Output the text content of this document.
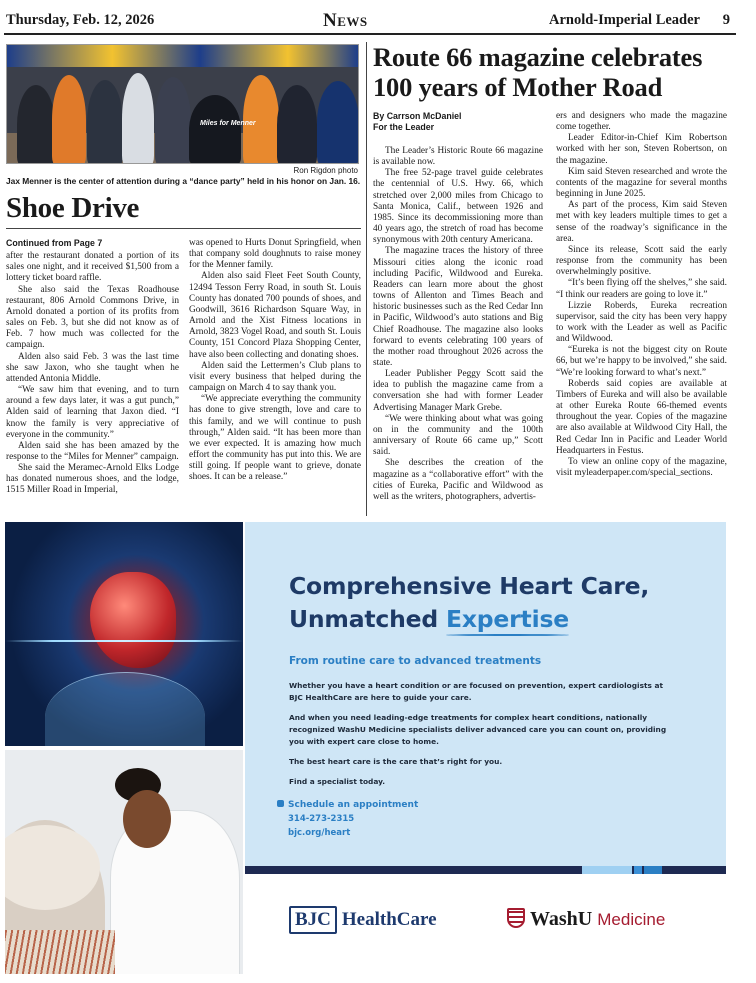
Thursday, Feb. 12, 2026	News	Arnold-Imperial Leader 9
Miles for Menner
Ron Rigdon photo
Jax Menner is the center of attention during a “dance party” held in his honor on Jan. 16.
Shoe Drive
Continued from Page 7

after the restaurant donated a portion of its sales one night, and it received $1,500 from a lottery ticket board raffle.

She also said the Texas Roadhouse restaurant, 806 Arnold Commons Drive, in Arnold donated a portion of its profits from sales on Feb. 3, but she did not know as of Feb. 7 how much was collected for the campaign.

Alden also said Feb. 3 was the last time she saw Jaxon, who she taught when he attended Antonia Middle.

“We saw him that evening, and to turn around a few days later, it was a gut punch,” Alden said of learning that Jaxon died. “I know the family is very appreciative of everyone in the community.”

Alden said she has been amazed by the response to the “Miles for Menner” campaign.

She said the Meramec-Arnold Elks Lodge has donated numerous shoes, and the lodge, 1515 Miller Road in Imperial,

was opened to Hurts Donut Springfield, when that company sold doughnuts to raise money for the Menner family.

Alden also said Fleet Feet South County, 12494 Tesson Ferry Road, in south St. Louis County has donated 700 pounds of shoes, and Goodwill, 3616 Richardson Square Way, in Arnold and the Xist Fitness locations in Arnold, 3823 Vogel Road, and south St. Louis County, 151 Concord Plaza Shopping Center, have also been collecting and donating shoes.

Alden said the Lettermen’s Club plans to visit every business that helped during the campaign on March 4 to say thank you.

“We appreciate everything the community has done to give strength, love and care to this family, and we will continue to push through,” Alden said. “It has been more than we ever expected. It is amazing how much effort the community has put into this. We are still going. If people want to grieve, donate shoes. It can be a release.”

Route 66 magazine celebrates 100 years of Mother Road
By Carrson McDaniel
For the Leader

The Leader’s Historic Route 66 magazine is available now.

The free 52-page travel guide celebrates the centennial of U.S. Hwy. 66, which stretched over 2,000 miles from Chicago to Santa Monica, Calif., between 1926 and 1985. Since its decommissioning more than 40 years ago, the stretch of road has become synonymous with 20th century Americana.

The magazine traces the history of three Missouri cities along the iconic road including Pacific, Wildwood and Eureka. Readers can learn more about the ghost towns of Allenton and Times Beach and historic businesses such as the Red Cedar Inn in Pacific, Wildwood’s auto stations and Big Chief Roadhouse. The magazine also looks forward to events celebrating 100 years of the mother road throughout 2026 across the state.

Leader Publisher Peggy Scott said the idea to publish the magazine came from a conversation she had with former Leader Advertising Manager Mark Grebe.

“We were thinking about what was going on in the community and the 100th anniversary of Route 66 came up,” Scott said.

She describes the creation of the magazine as a “collaborative effort” with the cities of Eureka, Pacific and Wildwood as well as the writers, photographers, advertis-

ers and designers who made the magazine come together.

Leader Editor-in-Chief Kim Robertson worked with her son, Steven Robertson, on the magazine.

Kim said Steven researched and wrote the contents of the magazine for several months beginning in June 2025.

As part of the process, Kim said Steven met with key leaders multiple times to get a sense of the roadway’s significance in the area.

Since its release, Scott said the early response from the community has been overwhelmingly positive.

“It’s been flying off the shelves,” she said. “I think our readers are going to love it.”

Lizzie Roberds, Eureka recreation supervisor, said the city has been very happy to work with the Leader as well as Pacific and Wildwood.

“Eureka is not the biggest city on Route 66, but we’re happy to be involved,” she said. “We’re looking forward to what’s next.”

Roberds said copies are available at Timbers of Eureka and will also be available at other Eureka Route 66-themed events throughout the year. Copies of the magazine are also available at Wildwood City Hall, the Red Cedar Inn in Pacific and Leader World Headquarters in Festus.

To view an online copy of the magazine, visit myleaderpaper.com/special_sections.

Comprehensive Heart Care,
Unmatched Expertise
From routine care to advanced treatments

Whether you have a heart condition or are focused on prevention, expert cardiologists at BJC HealthCare are here to guide your care.

And when you need leading-edge treatments for complex heart conditions, nationally recognized WashU Medicine specialists deliver advanced care you can count on, providing you with expert care close to home.

The best heart care is the care that’s right for you.

Find a specialist today.

Schedule an appointment
314-273-2315
bjc.org/heart
BJC HealthCare	WashU Medicine
